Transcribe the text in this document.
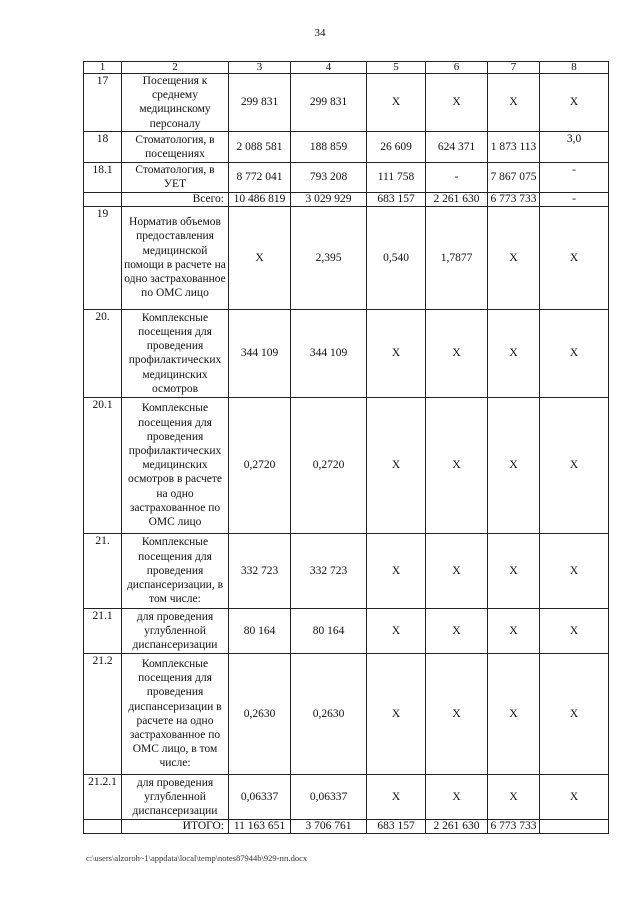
34
1	2	3	4	5	6	7	8
17	Посещения к среднему медицинскому персоналу	299 831	299 831	Х	Х	Х	Х
18	Стоматология, в посещениях	2 088 581	188 859	26 609	624 371	1 873 113	3,0
18.1	Стоматология, в УЕТ	8 772 041	793 208	111 758	-	7 867 075	-
	Всего:	10 486 819	3 029 929	683 157	2 261 630	6 773 733	-
19	Норматив объемов предоставления медицинской помощи в расчете на одно застрахованное по ОМС лицо	Х	2,395	0,540	1,7877	Х	Х
20.	Комплексные посещения для проведения профилактических медицинских осмотров	344 109	344 109	Х	Х	Х	Х
20.1	Комплексные посещения для проведения профилактических медицинских осмотров в расчете на одно застрахованное по ОМС лицо	0,2720	0,2720	Х	Х	Х	Х
21.	Комплексные посещения для проведения диспансеризации, в том числе:	332 723	332 723	Х	Х	Х	Х
21.1	для проведения углубленной диспансеризации	80 164	80 164	Х	Х	Х	Х
21.2	Комплексные посещения для проведения диспансеризации в расчете на одно застрахованное по ОМС лицо, в том числе:	0,2630	0,2630	Х	Х	Х	Х
21.2.1	для проведения углубленной диспансеризации	0,06337	0,06337	Х	Х	Х	Х
	ИТОГО:	11 163 651	3 706 761	683 157	2 261 630	6 773 733	
c:\users\alzoroh~1\appdata\local\temp\notes87944b\929-пп.docx
